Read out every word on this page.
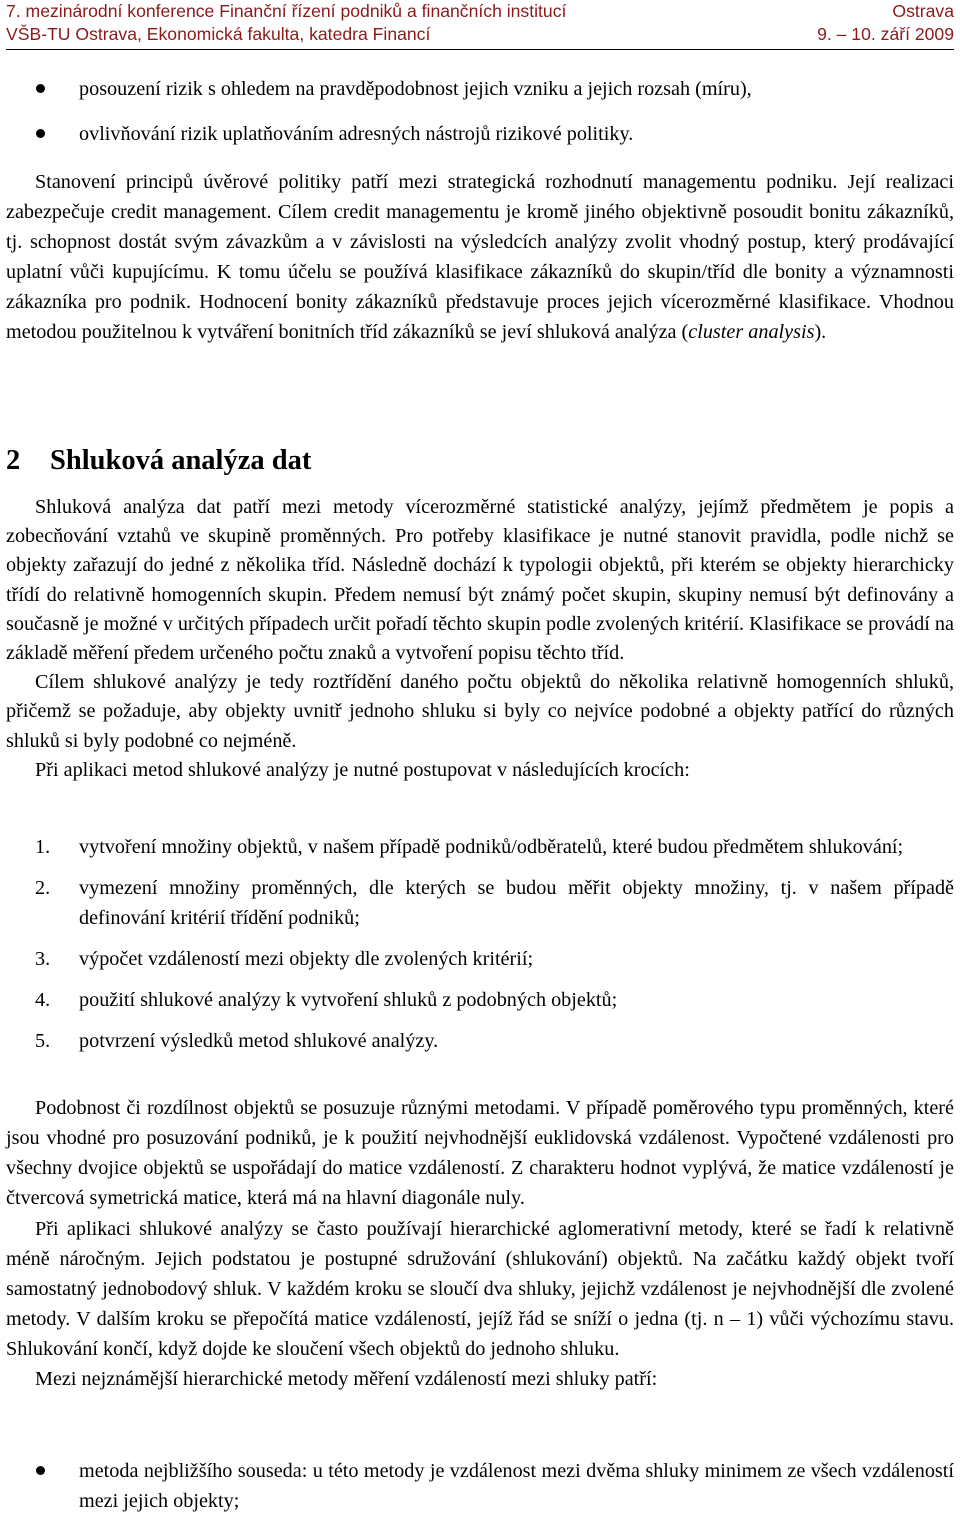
7. mezinárodní konference Finanční řízení podniků a finančních institucí	Ostrava
VŠB-TU Ostrava, Ekonomická fakulta, katedra Financí	9. – 10. září 2009
posouzení rizik s ohledem na pravděpodobnost jejich vzniku a jejich rozsah (míru),
ovlivňování rizik uplatňováním adresných nástrojů rizikové politiky.

Stanovení principů úvěrové politiky patří mezi strategická rozhodnutí managementu podniku. Její realizaci zabezpečuje credit management. Cílem credit managementu je kromě jiného objektivně posoudit bonitu zákazníků, tj. schopnost dostát svým závazkům a v závislosti na výsledcích analýzy zvolit vhodný postup, který prodávající uplatní vůči kupujícímu. K tomu účelu se používá klasifikace zákazníků do skupin/tříd dle bonity a významnosti zákazníka pro podnik. Hodnocení bonity zákazníků představuje proces jejich vícerozměrné klasifikace. Vhodnou metodou použitelnou k vytváření bonitních tříd zákazníků se jeví shluková analýza (cluster analysis).

2 Shluková analýza dat

Shluková analýza dat patří mezi metody vícerozměrné statistické analýzy, jejímž předmětem je popis a zobecňování vztahů ve skupině proměnných. Pro potřeby klasifikace je nutné stanovit pravidla, podle nichž se objekty zařazují do jedné z několika tříd. Následně dochází k typologii objektů, při kterém se objekty hierarchicky třídí do relativně homogenních skupin. Předem nemusí být známý počet skupin, skupiny nemusí být definovány a současně je možné v určitých případech určit pořadí těchto skupin podle zvolených kritérií. Klasifikace se provádí na základě měření předem určeného počtu znaků a vytvoření popisu těchto tříd.

Cílem shlukové analýzy je tedy roztřídění daného počtu objektů do několika relativně homogenních shluků, přičemž se požaduje, aby objekty uvnitř jednoho shluku si byly co nejvíce podobné a objekty patřící do různých shluků si byly podobné co nejméně.

Při aplikaci metod shlukové analýzy je nutné postupovat v následujících krocích:

1. vytvoření množiny objektů, v našem případě podniků/odběratelů, které budou předmětem shlukování;
2. vymezení množiny proměnných, dle kterých se budou měřit objekty množiny, tj. v našem případě definování kritérií třídění podniků;
3. výpočet vzdáleností mezi objekty dle zvolených kritérií;
4. použití shlukové analýzy k vytvoření shluků z podobných objektů;
5. potvrzení výsledků metod shlukové analýzy.

Podobnost či rozdílnost objektů se posuzuje různými metodami. V případě poměrového typu proměnných, které jsou vhodné pro posuzování podniků, je k použití nejvhodnější euklidovská vzdálenost. Vypočtené vzdálenosti pro všechny dvojice objektů se uspořádají do matice vzdáleností. Z charakteru hodnot vyplývá, že matice vzdáleností je čtvercová symetrická matice, která má na hlavní diagonále nuly.

Při aplikaci shlukové analýzy se často používají hierarchické aglomerativní metody, které se řadí k relativně méně náročným. Jejich podstatou je postupné sdružování (shlukování) objektů. Na začátku každý objekt tvoří samostatný jednobodový shluk. V každém kroku se sloučí dva shluky, jejichž vzdálenost je nejvhodnější dle zvolené metody. V dalším kroku se přepočítá matice vzdáleností, jejíž řád se sníží o jedna (tj. n – 1) vůči výchozímu stavu. Shlukování končí, když dojde ke sloučení všech objektů do jednoho shluku.

Mezi nejznámější hierarchické metody měření vzdáleností mezi shluky patří:

metoda nejbližšího souseda: u této metody je vzdálenost mezi dvěma shluky minimem ze všech vzdáleností mezi jejich objekty;
